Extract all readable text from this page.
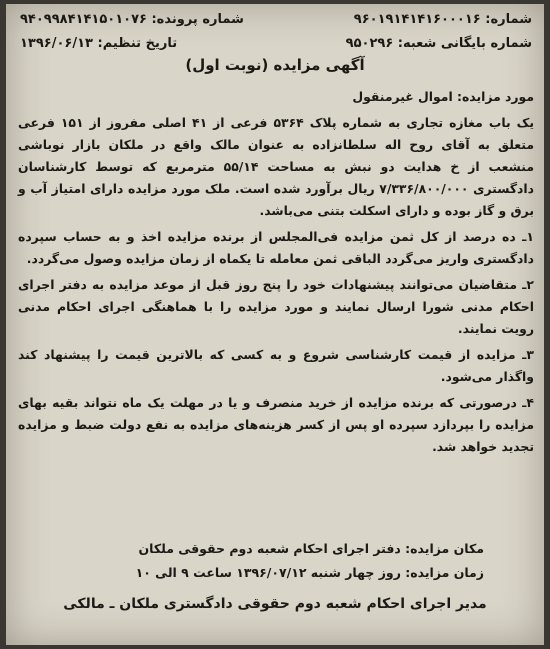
شماره: ۹۶۰۱۹۱۴۱۴۱۶۰۰۰۱۶
شماره پرونده: ۹۴۰۹۹۸۴۱۴۱۵۰۱۰۷۶
شماره بایگانی شعبه: ۹۵۰۲۹۶
تاریخ تنظیم: ۱۳۹۶/۰۶/۱۳
آگهی مزایده (نوبت اول)

مورد مزایده: اموال غیرمنقول

یک باب مغازه تجاری به شماره پلاک ۵۳۶۴ فرعی از ۴۱ اصلی مفروز از ۱۵۱ فرعی متعلق به آقای روح اله سلطانزاده به عنوان مالک واقع در ملکان بازار نوباشی منشعب از خ هدایت دو نبش به مساحت ۵۵/۱۴ مترمربع که توسط کارشناسان دادگستری ۷/۳۳۶/۸۰۰/۰۰۰ ریال برآورد شده است. ملک مورد مزایده دارای امتیاز آب و برق و گاز بوده و دارای اسکلت بتنی می‌باشد.

۱ـ ده درصد از کل ثمن مزایده فی‌المجلس از برنده مزایده اخذ و به حساب سپرده دادگستری واریز می‌گردد الباقی ثمن معامله تا یکماه از زمان مزایده وصول می‌گردد.

۲ـ متقاضیان می‌توانند پیشنهادات خود را پنج روز قبل از موعد مزایده به دفتر اجرای احکام مدنی شورا ارسال نمایند و مورد مزایده را با هماهنگی اجرای احکام مدنی رویت نمایند.

۳ـ مزایده از قیمت کارشناسی شروع و به کسی که بالاترین قیمت را پیشنهاد کند واگذار می‌شود.

۴ـ درصورتی که برنده مزایده از خرید منصرف و یا در مهلت یک ماه نتواند بقیه بهای مزایده را بپردازد سپرده او پس از کسر هزینه‌های مزایده به نفع دولت ضبط و مزایده تجدید خواهد شد.

مکان مزایده: دفتر اجرای احکام شعبه دوم حقوقی ملکان
زمان مزایده: روز چهار شنبه ۱۳۹۶/۰۷/۱۲ ساعت ۹ الی ۱۰
مدیر اجرای احکام شعبه دوم حقوقی دادگستری ملکان ـ مالکی
